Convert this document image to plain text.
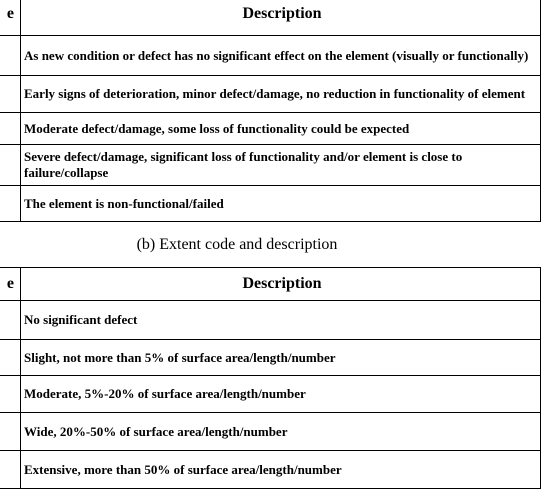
e	Description
	As new condition or defect has no significant effect on the element (visually or functionally)
	Early signs of deterioration, minor defect/damage, no reduction in functionality of element
	Moderate defect/damage, some loss of functionality could be expected
	Severe defect/damage, significant loss of functionality and/or element is close to failure/collapse
	The element is non-functional/failed
(b) Extent code and description
e	Description
	No significant defect
	Slight, not more than 5% of surface area/length/number
	Moderate, 5%-20% of surface area/length/number
	Wide, 20%-50% of surface area/length/number
	Extensive, more than 50% of surface area/length/number
